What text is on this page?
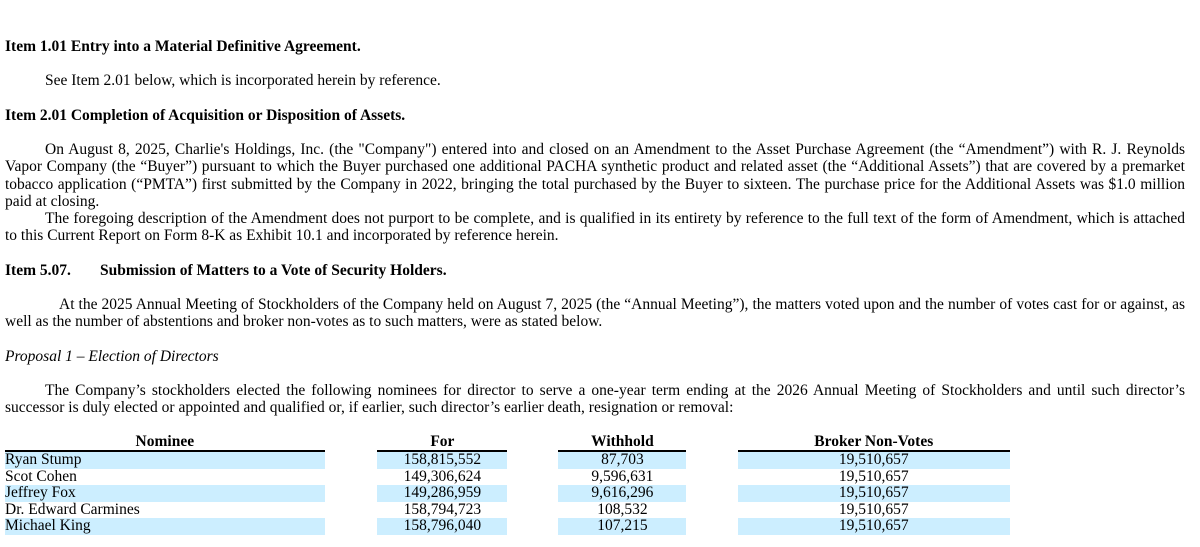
Item 1.01 Entry into a Material Definitive Agreement.

See Item 2.01 below, which is incorporated herein by reference.

Item 2.01 Completion of Acquisition or Disposition of Assets.

On August 8, 2025, Charlie's Holdings, Inc. (the "Company") entered into and closed on an Amendment to the Asset Purchase Agreement (the “Amendment”) with R. J. Reynolds Vapor Company (the “Buyer”) pursuant to which the Buyer purchased one additional PACHA synthetic product and related asset (the “Additional Assets”) that are covered by a premarket tobacco application (“PMTA”) first submitted by the Company in 2022, bringing the total purchased by the Buyer to sixteen. The purchase price for the Additional Assets was $1.0 million paid at closing.

The foregoing description of the Amendment does not purport to be complete, and is qualified in its entirety by reference to the full text of the form of Amendment, which is attached to this Current Report on Form 8-K as Exhibit 10.1 and incorporated by reference herein.

Item 5.07. Submission of Matters to a Vote of Security Holders.

At the 2025 Annual Meeting of Stockholders of the Company held on August 7, 2025 (the “Annual Meeting”), the matters voted upon and the number of votes cast for or against, as well as the number of abstentions and broker non-votes as to such matters, were as stated below.

Proposal 1 – Election of Directors

The Company’s stockholders elected the following nominees for director to serve a one-year term ending at the 2026 Annual Meeting of Stockholders and until such director’s successor is duly elected or appointed and qualified or, if earlier, such director’s earlier death, resignation or removal:

Nominee		For		Withhold		Broker Non-Votes
Ryan Stump		158,815,552		87,703		19,510,657
Scot Cohen		149,306,624		9,596,631		19,510,657
Jeffrey Fox		149,286,959		9,616,296		19,510,657
Dr. Edward Carmines		158,794,723		108,532		19,510,657
Michael King		158,796,040		107,215		19,510,657
